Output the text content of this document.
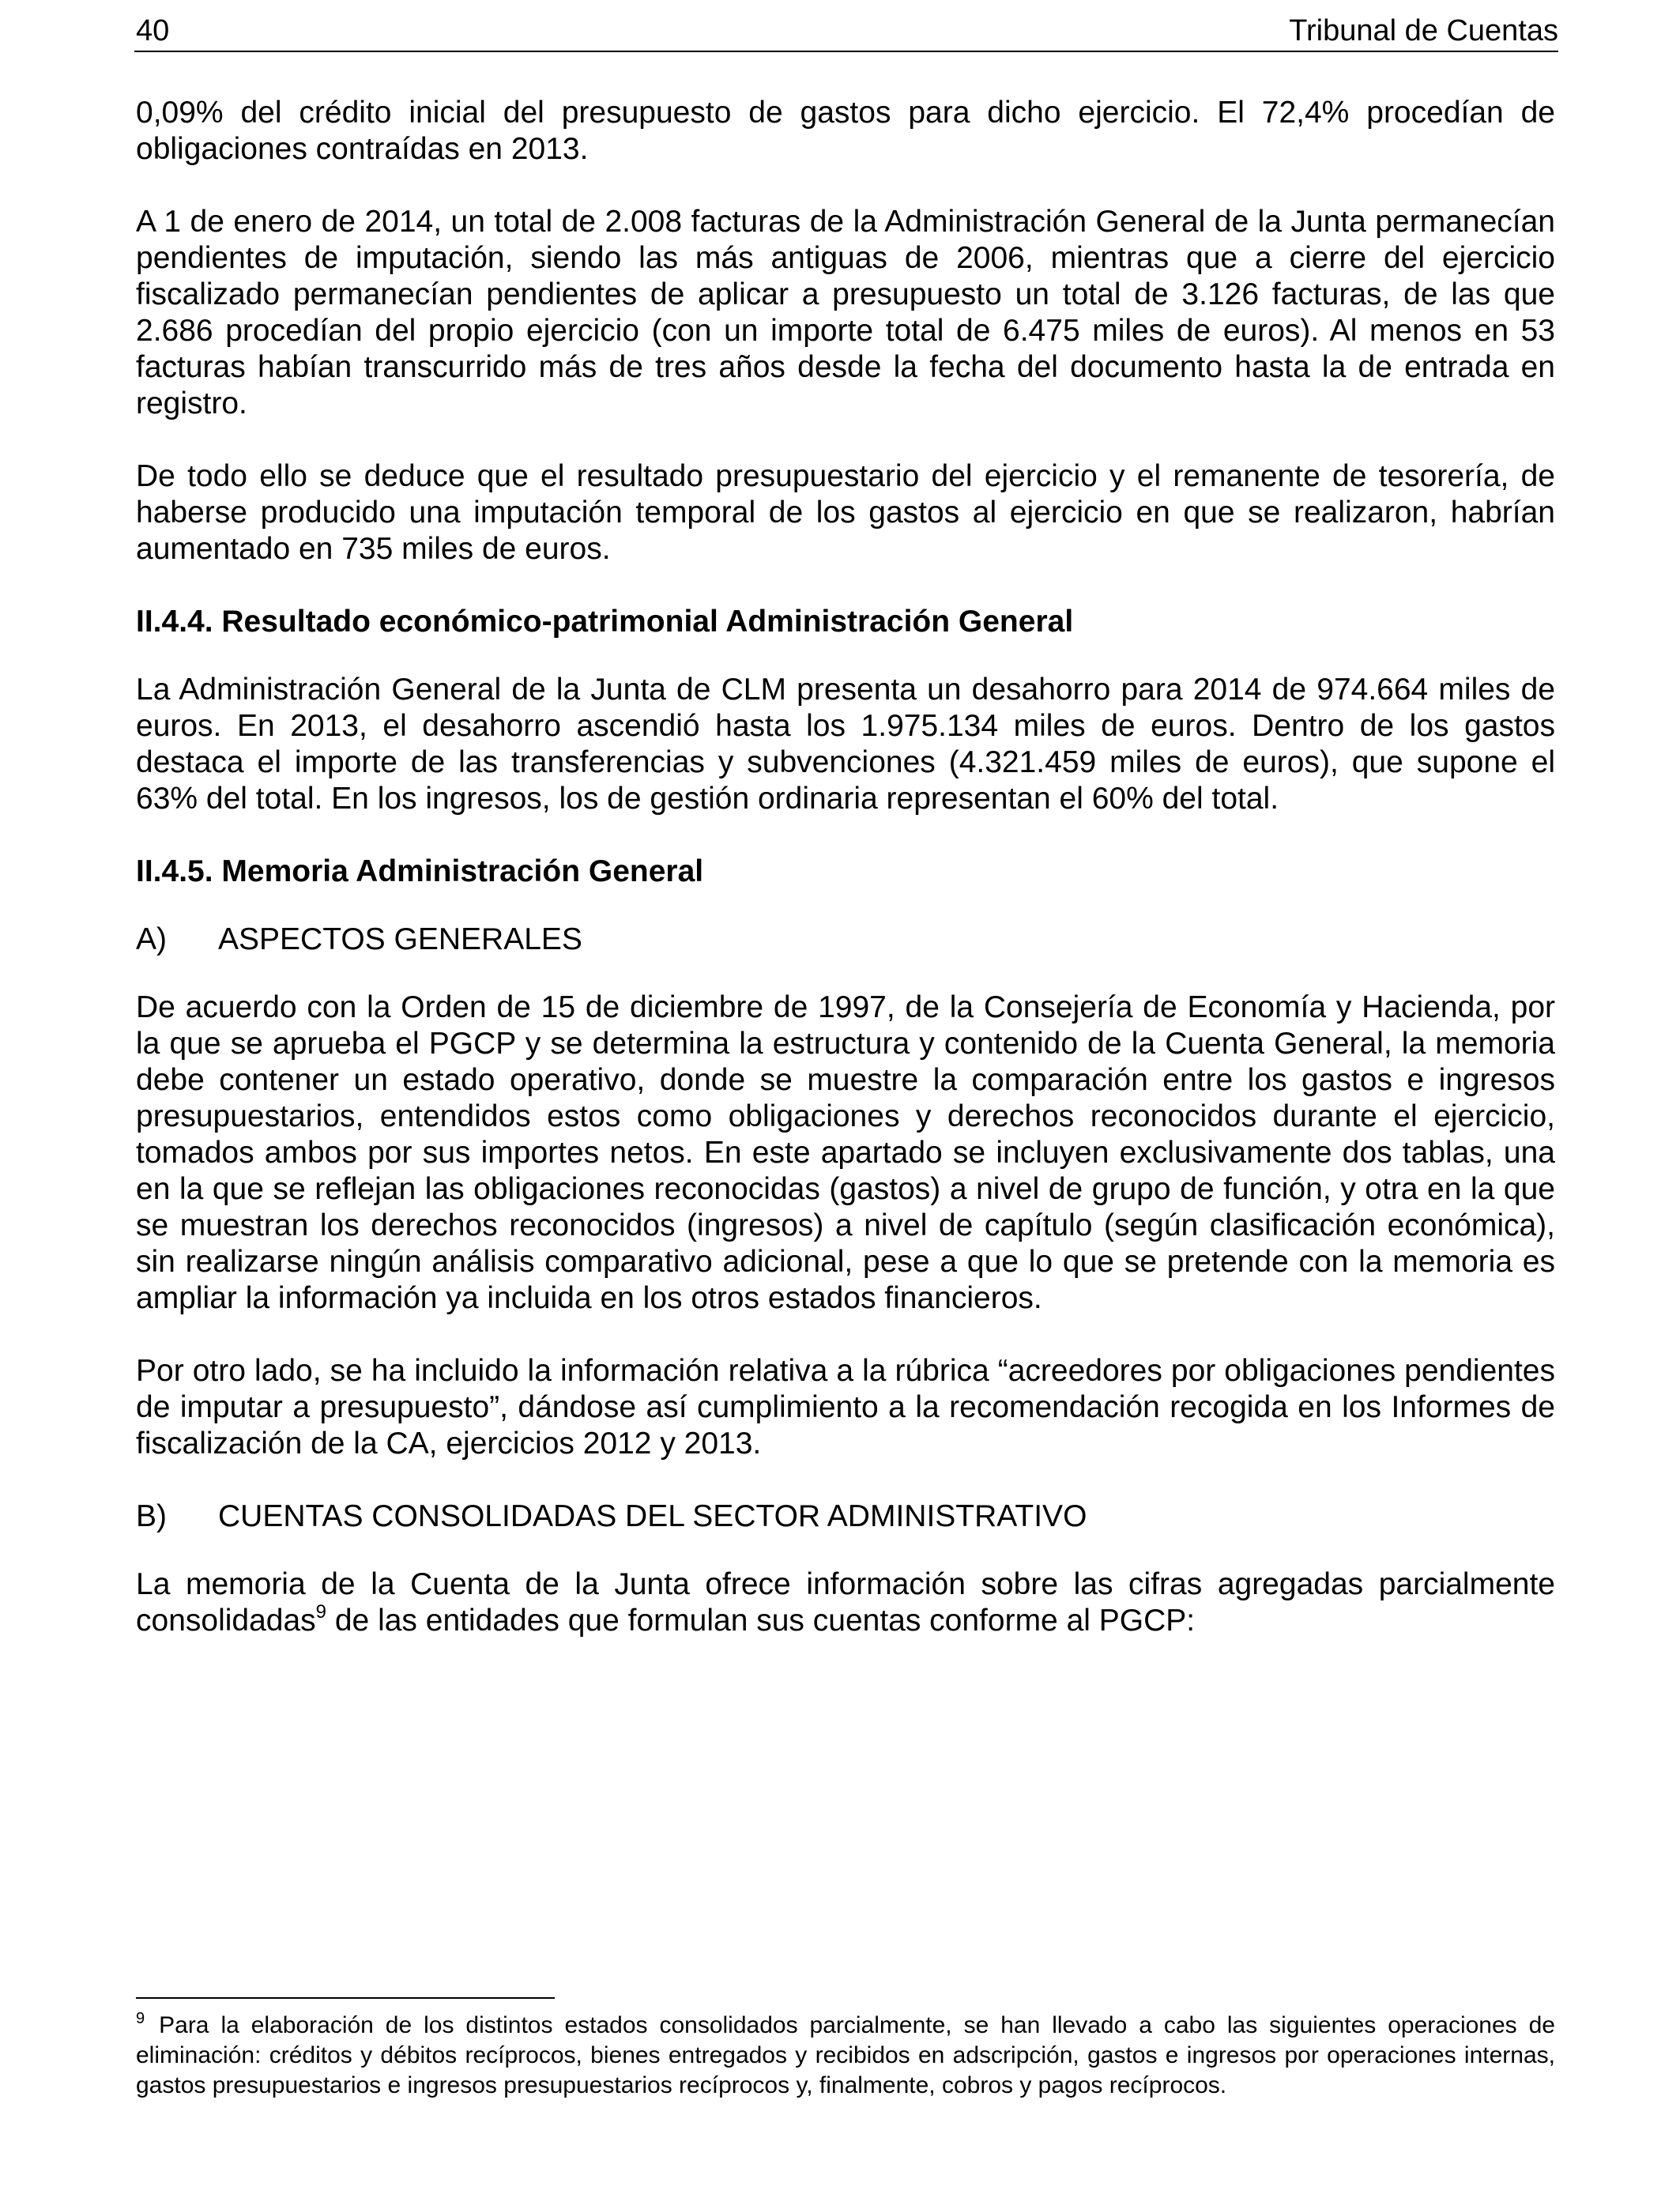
40	Tribunal de Cuentas

0,09% del crédito inicial del presupuesto de gastos para dicho ejercicio. El 72,4% procedían de obligaciones contraídas en 2013.

A 1 de enero de 2014, un total de 2.008 facturas de la Administración General de la Junta permanecían pendientes de imputación, siendo las más antiguas de 2006, mientras que a cierre del ejercicio fiscalizado permanecían pendientes de aplicar a presupuesto un total de 3.126 facturas, de las que 2.686 procedían del propio ejercicio (con un importe total de 6.475 miles de euros). Al menos en 53 facturas habían transcurrido más de tres años desde la fecha del documento hasta la de entrada en registro.

De todo ello se deduce que el resultado presupuestario del ejercicio y el remanente de tesorería, de haberse producido una imputación temporal de los gastos al ejercicio en que se realizaron, habrían aumentado en 735 miles de euros.

II.4.4. Resultado económico-patrimonial Administración General

La Administración General de la Junta de CLM presenta un desahorro para 2014 de 974.664 miles de euros. En 2013, el desahorro ascendió hasta los 1.975.134 miles de euros. Dentro de los gastos destaca el importe de las transferencias y subvenciones (4.321.459 miles de euros), que supone el 63% del total. En los ingresos, los de gestión ordinaria representan el 60% del total.

II.4.5. Memoria Administración General
A) ASPECTOS GENERALES

De acuerdo con la Orden de 15 de diciembre de 1997, de la Consejería de Economía y Hacienda, por la que se aprueba el PGCP y se determina la estructura y contenido de la Cuenta General, la memoria debe contener un estado operativo, donde se muestre la comparación entre los gastos e ingresos presupuestarios, entendidos estos como obligaciones y derechos reconocidos durante el ejercicio, tomados ambos por sus importes netos. En este apartado se incluyen exclusivamente dos tablas, una en la que se reflejan las obligaciones reconocidas (gastos) a nivel de grupo de función, y otra en la que se muestran los derechos reconocidos (ingresos) a nivel de capítulo (según clasificación económica), sin realizarse ningún análisis comparativo adicional, pese a que lo que se pretende con la memoria es ampliar la información ya incluida en los otros estados financieros.

Por otro lado, se ha incluido la información relativa a la rúbrica “acreedores por obligaciones pendientes de imputar a presupuesto”, dándose así cumplimiento a la recomendación recogida en los Informes de fiscalización de la CA, ejercicios 2012 y 2013.

B) CUENTAS CONSOLIDADAS DEL SECTOR ADMINISTRATIVO

La memoria de la Cuenta de la Junta ofrece información sobre las cifras agregadas parcialmente consolidadas$^9$ de las entidades que formulan sus cuentas conforme al PGCP:

$^9$ Para la elaboración de los distintos estados consolidados parcialmente, se han llevado a cabo las siguientes operaciones de eliminación: créditos y débitos recíprocos, bienes entregados y recibidos en adscripción, gastos e ingresos por operaciones internas, gastos presupuestarios e ingresos presupuestarios recíprocos y, finalmente, cobros y pagos recíprocos.
